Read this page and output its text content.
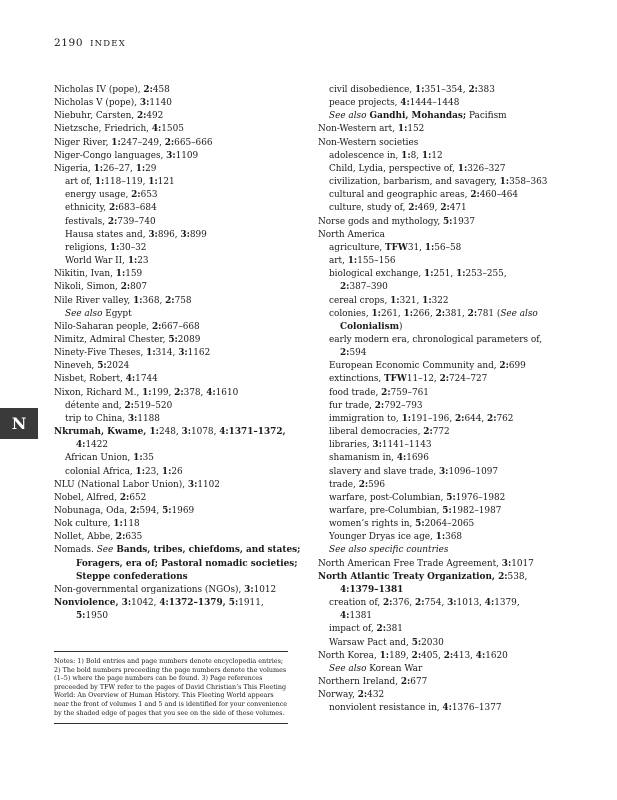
2190 INDEX
Nicholas IV (pope), 2:458
Nicholas V (pope), 3:1140
Niebuhr, Carsten, 2:492
Nietzsche, Friedrich, 4:1505
Niger River, 1:247–249, 2:665–666
Niger-Congo languages, 3:1109
Nigeria, 1:26–27, 1:29
art of, 1:118–119, 1:121
energy usage, 2:653
ethnicity, 2:683–684
festivals, 2:739–740
Hausa states and, 3:896, 3:899
religions, 1:30–32
World War II, 1:23
Nikitin, Ivan, 1:159
Nikoli, Simon, 2:807
Nile River valley, 1:368, 2:758
See also Egypt
Nilo-Saharan people, 2:667–668
Nimitz, Admiral Chester, 5:2089
Ninety-Five Theses, 1:314, 3:1162
Nineveh, 5:2024
Nisbet, Robert, 4:1744
Nixon, Richard M., 1:199, 2:378, 4:1610
détente and, 2:519–520
trip to China, 3:1188
Nkrumah, Kwame, 1:248, 3:1078, 4:1371–1372,
4:1422
African Union, 1:35
colonial Africa, 1:23, 1:26
NLU (National Labor Union), 3:1102
Nobel, Alfred, 2:652
Nobunaga, Oda, 2:594, 5:1969
Nok culture, 1:118
Nollet, Abbe, 2:635
Nomads. See Bands, tribes, chiefdoms, and states;
Foragers, era of; Pastoral nomadic societies;
Steppe confederations
Non-governmental organizations (NGOs), 3:1012
Nonviolence, 3:1042, 4:1372–1379, 5:1911,
5:1950
civil disobedience, 1:351–354, 2:383
peace projects, 4:1444–1448
See also Gandhi, Mohandas; Pacifism
Non-Western art, 1:152
Non-Western societies
adolescence in, 1:8, 1:12
Child, Lydia, perspective of, 1:326–327
civilization, barbarism, and savagery, 1:358–363
cultural and geographic areas, 2:460–464
culture, study of, 2:469, 2:471
Norse gods and mythology, 5:1937
North America
agriculture, TFW31, 1:56–58
art, 1:155–156
biological exchange, 1:251, 1:253–255,
2:387–390
cereal crops, 1:321, 1:322
colonies, 1:261, 1:266, 2:381, 2:781 (See also
Colonialism)
early modern era, chronological parameters of,
2:594
European Economic Community and, 2:699
extinctions, TFW11–12, 2:724–727
food trade, 2:759–761
fur trade, 2:792–793
immigration to, 1:191–196, 2:644, 2:762
liberal democracies, 2:772
libraries, 3:1141–1143
shamanism in, 4:1696
slavery and slave trade, 3:1096–1097
trade, 2:596
warfare, post-Columbian, 5:1976–1982
warfare, pre-Columbian, 5:1982–1987
women’s rights in, 5:2064–2065
Younger Dryas ice age, 1:368
See also specific countries
North American Free Trade Agreement, 3:1017
North Atlantic Treaty Organization, 2:538,
4:1379–1381
creation of, 2:376, 2:754, 3:1013, 4:1379,
4:1381
impact of, 2:381
Warsaw Pact and, 5:2030
North Korea, 1:189, 2:405, 2:413, 4:1620
See also Korean War
Northern Ireland, 2:677
Norway, 2:432
nonviolent resistance in, 4:1376–1377
Notes: 1) Bold entries and page numbers denote encyclopedia entries; 2) The bold numbers preceeding the page numbers denote the volumes (1–5) where the page numbers can be found. 3) Page references preceeded by TFW refer to the pages of David Christian’s This Fleeting World: An Overview of Human History. This Fleeting World appears near the front of volumes 1 and 5 and is identified for your convenience by the shaded edge of pages that you see on the side of these volumes.
N
